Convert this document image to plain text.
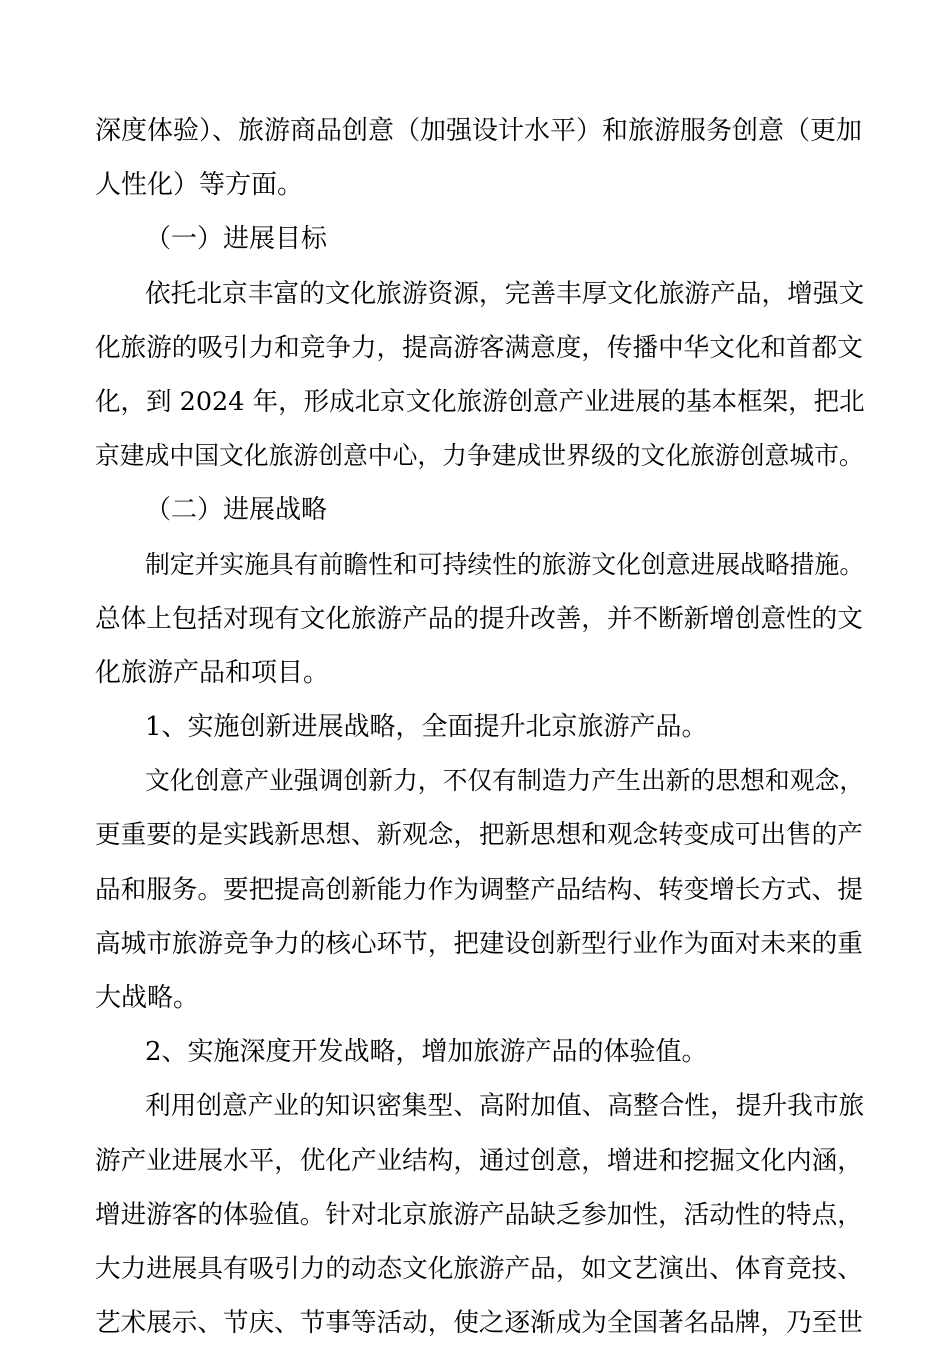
深度体验）、旅游商品创意（加强设计水平）和旅游服务创意（更加
人性化）等方面。
（一）进展目标
依托北京丰富的文化旅游资源，完善丰厚文化旅游产品，增强文
化旅游的吸引力和竞争力，提高游客满意度，传播中华文化和首都文
化，到 2024 年，形成北京文化旅游创意产业进展的基本框架，把北
京建成中国文化旅游创意中心，力争建成世界级的文化旅游创意城市。
（二）进展战略
制定并实施具有前瞻性和可持续性的旅游文化创意进展战略措施。
总体上包括对现有文化旅游产品的提升改善，并不断新增创意性的文
化旅游产品和项目。
1、实施创新进展战略，全面提升北京旅游产品。
文化创意产业强调创新力，不仅有制造力产生出新的思想和观念，
更重要的是实践新思想、新观念，把新思想和观念转变成可出售的产
品和服务。要把提高创新能力作为调整产品结构、转变增长方式、提
高城市旅游竞争力的核心环节，把建设创新型行业作为面对未来的重
大战略。
2、实施深度开发战略，增加旅游产品的体验值。
利用创意产业的知识密集型、高附加值、高整合性，提升我市旅
游产业进展水平，优化产业结构，通过创意，增进和挖掘文化内涵，
增进游客的体验值。针对北京旅游产品缺乏参加性，活动性的特点，
大力进展具有吸引力的动态文化旅游产品，如文艺演出、体育竞技、
艺术展示、节庆、节事等活动，使之逐渐成为全国著名品牌，乃至世
